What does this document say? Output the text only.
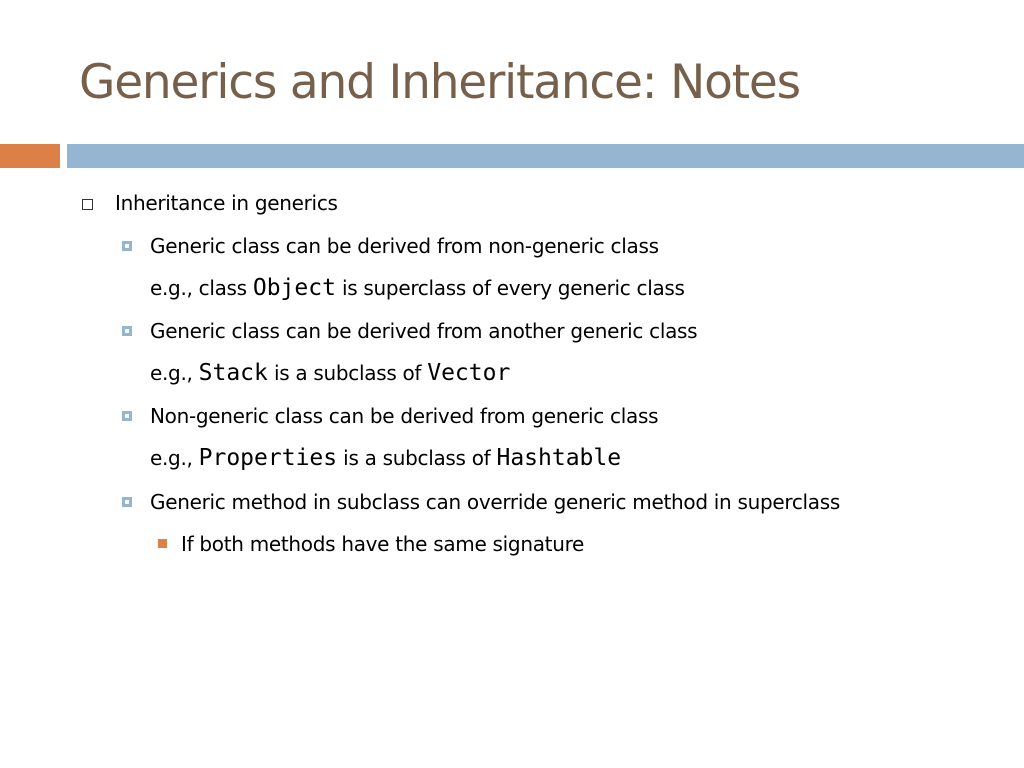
Generics and Inheritance: Notes
Inheritance in generics
Generic class can be derived from non-generic class
e.g., class Object is superclass of every generic class
Generic class can be derived from another generic class
e.g., Stack is a subclass of Vector
Non-generic class can be derived from generic class
e.g., Properties is a subclass of Hashtable
Generic method in subclass can override generic method in superclass
If both methods have the same signature
